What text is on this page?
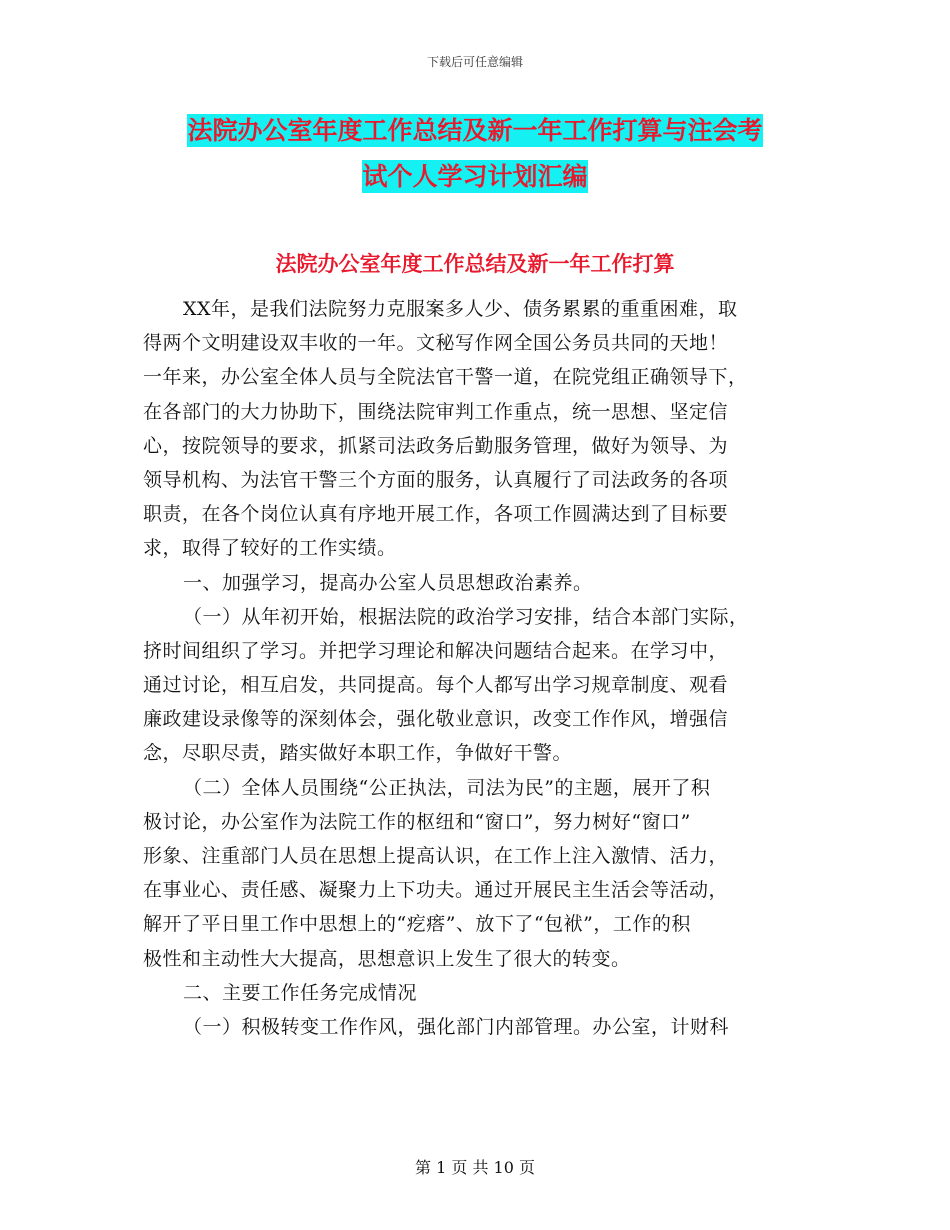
下载后可任意编辑
法院办公室年度工作总结及新一年工作打算与注会考
试个人学习计划汇编
法院办公室年度工作总结及新一年工作打算
XX年，是我们法院努力克服案多人少、债务累累的重重困难，取
得两个文明建设双丰收的一年。文秘写作网全国公务员共同的天地！
一年来，办公室全体人员与全院法官干警一道，在院党组正确领导下，
在各部门的大力协助下，围绕法院审判工作重点，统一思想、坚定信
心，按院领导的要求，抓紧司法政务后勤服务管理，做好为领导、为
领导机构、为法官干警三个方面的服务，认真履行了司法政务的各项
职责，在各个岗位认真有序地开展工作，各项工作圆满达到了目标要
求，取得了较好的工作实绩。
一、加强学习，提高办公室人员思想政治素养。
（一）从年初开始，根据法院的政治学习安排，结合本部门实际，
挤时间组织了学习。并把学习理论和解决问题结合起来。在学习中，
通过讨论，相互启发，共同提高。每个人都写出学习规章制度、观看
廉政建设录像等的深刻体会，强化敬业意识，改变工作作风，增强信
念，尽职尽责，踏实做好本职工作，争做好干警。
（二）全体人员围绕“公正执法，司法为民”的主题，展开了积
极讨论，办公室作为法院工作的枢纽和“窗口”，努力树好“窗口”
形象、注重部门人员在思想上提高认识，在工作上注入激情、活力，
在事业心、责任感、凝聚力上下功夫。通过开展民主生活会等活动，
解开了平日里工作中思想上的“疙瘩”、放下了“包袱”，工作的积
极性和主动性大大提高，思想意识上发生了很大的转变。
二、主要工作任务完成情况
（一）积极转变工作作风，强化部门内部管理。办公室，计财科
第 1 页 共 10 页
